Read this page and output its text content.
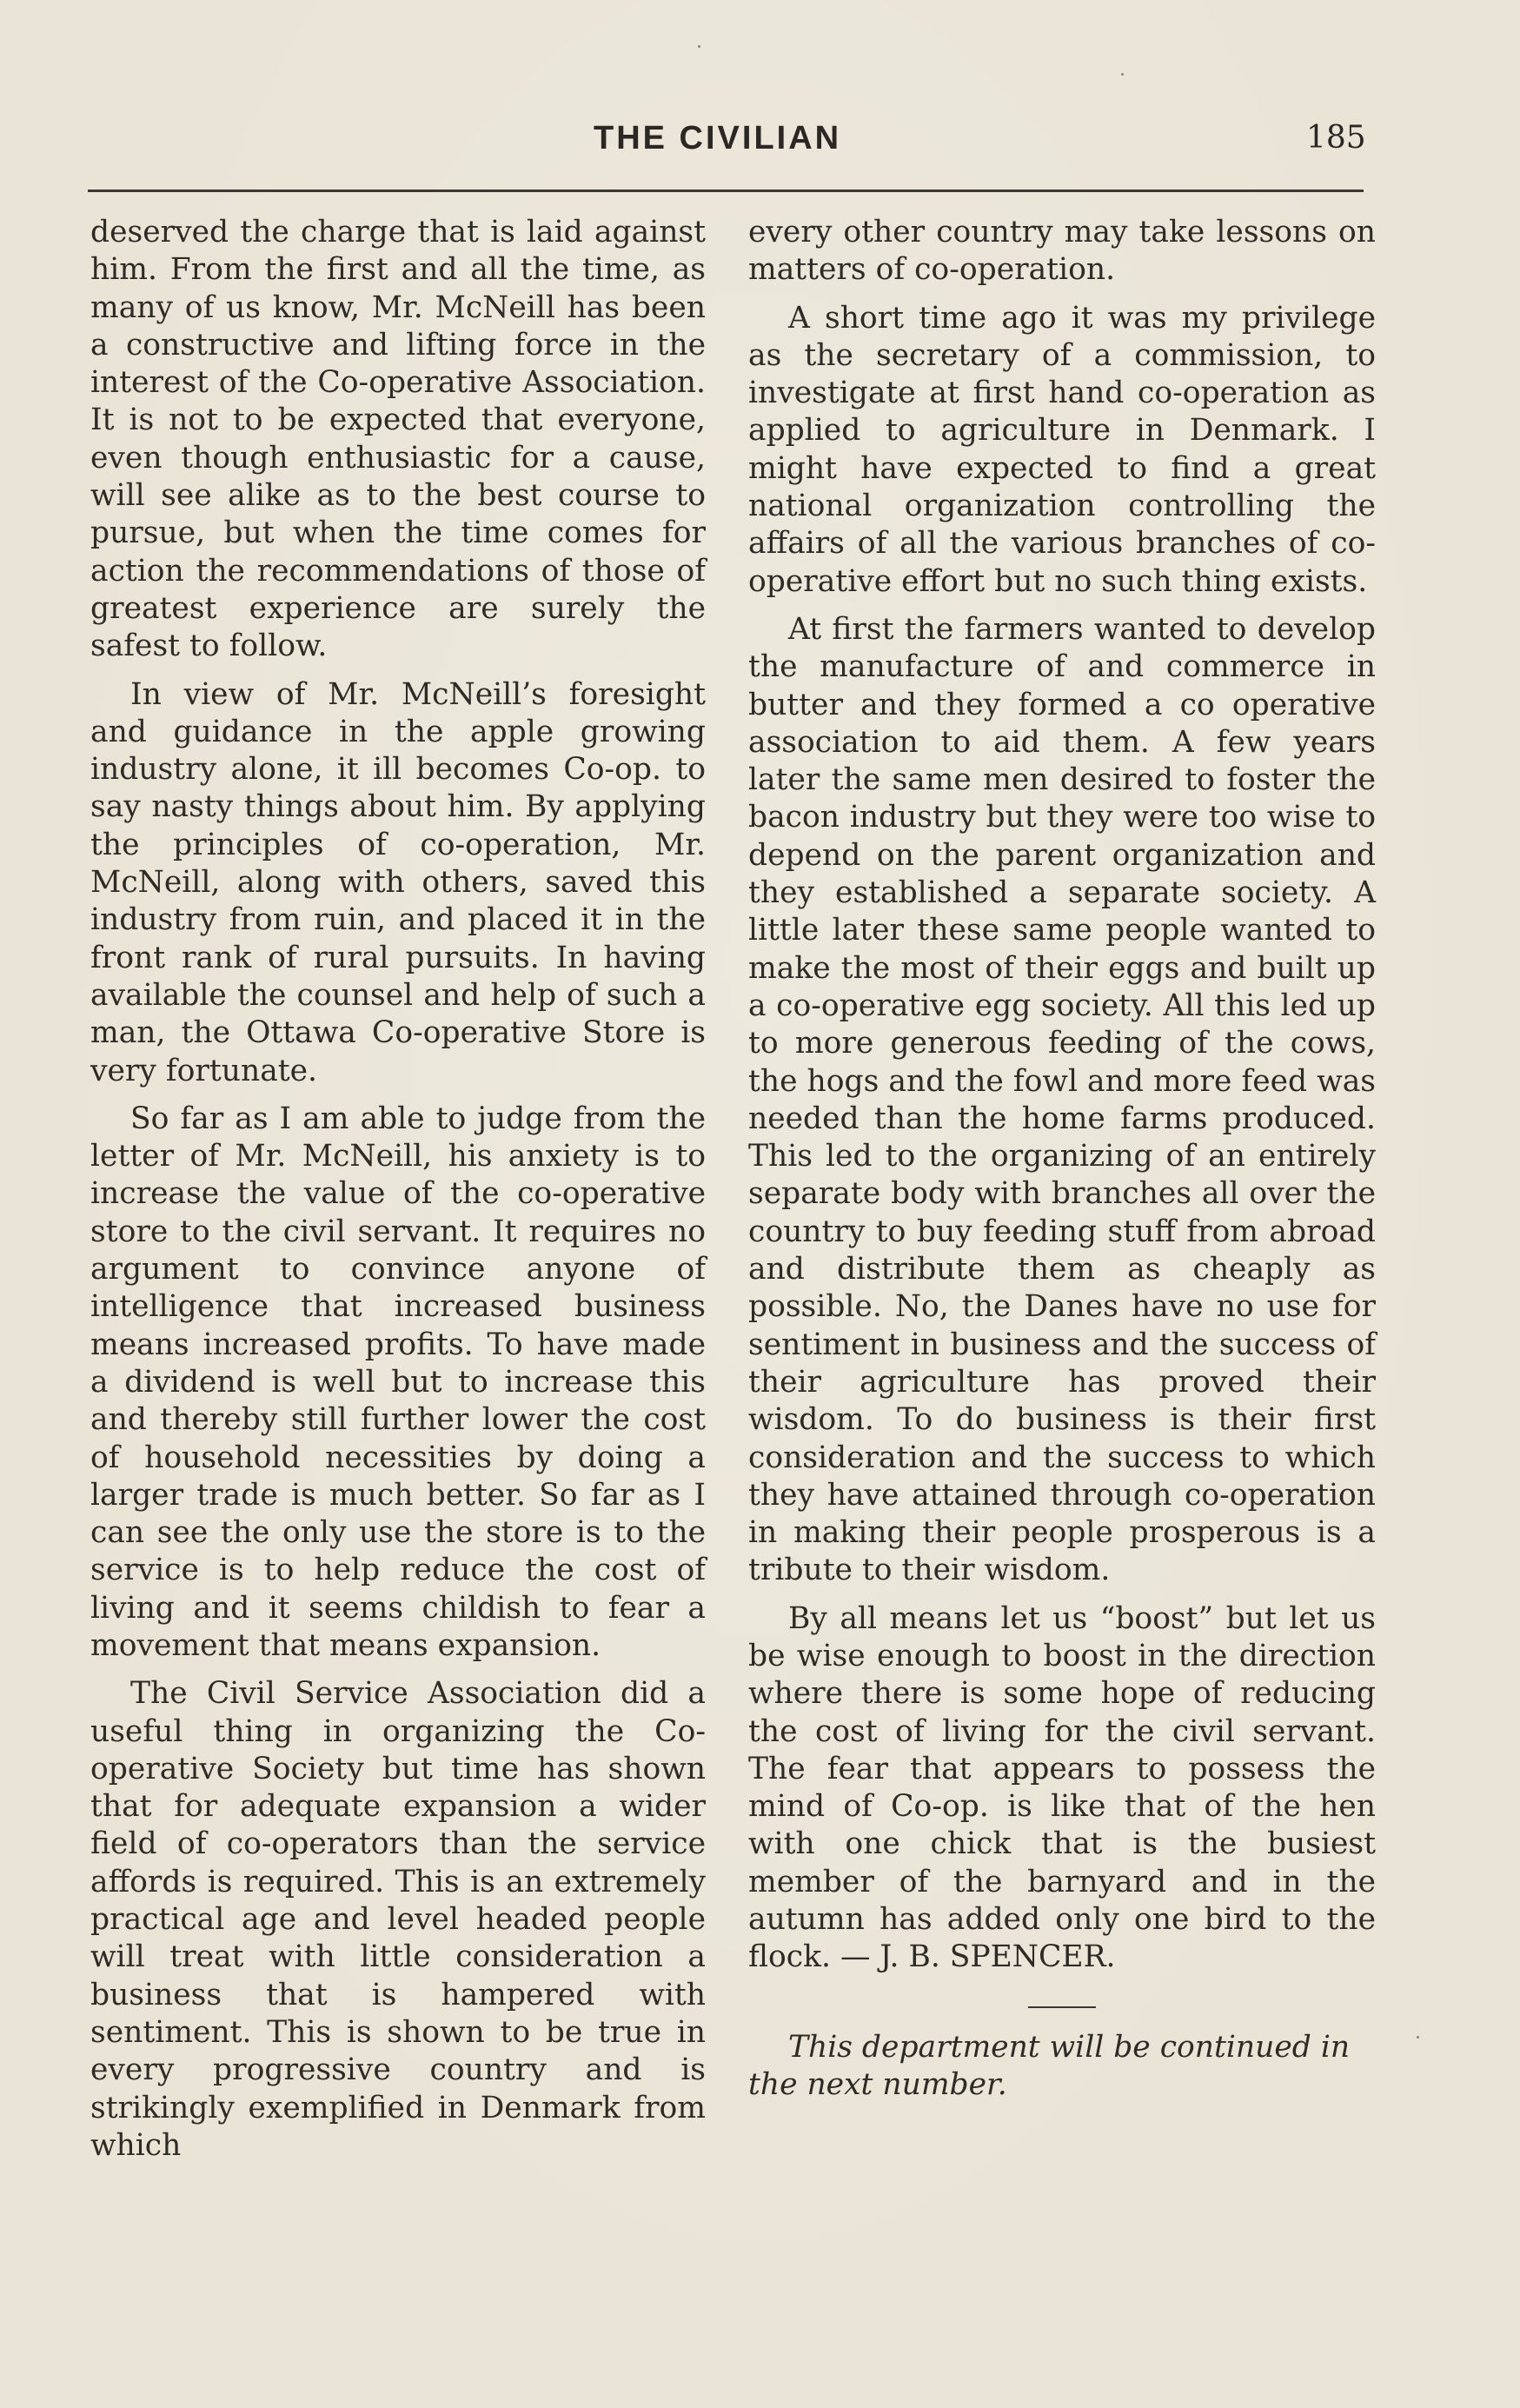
THE CIVILIAN	185

deserved the charge that is laid against him. From the first and all the time, as many of us know, Mr. McNeill has been a constructive and lifting force in the interest of the Co-operative Association. It is not to be expected that everyone, even though enthusiastic for a cause, will see alike as to the best course to pursue, but when the time comes for action the recommendations of those of greatest experience are surely the safest to follow.

In view of Mr. McNeill’s foresight and guidance in the apple growing industry alone, it ill becomes Co-op. to say nasty things about him. By applying the principles of co-operation, Mr. McNeill, along with others, saved this industry from ruin, and placed it in the front rank of rural pursuits. In having available the counsel and help of such a man, the Ottawa Co-operative Store is very fortunate.

So far as I am able to judge from the letter of Mr. McNeill, his anxiety is to increase the value of the co-operative store to the civil servant. It requires no argument to convince anyone of intelligence that increased business means increased profits. To have made a dividend is well but to increase this and thereby still further lower the cost of household necessities by doing a larger trade is much better. So far as I can see the only use the store is to the service is to help reduce the cost of living and it seems childish to fear a movement that means expansion.

The Civil Service Association did a useful thing in organizing the Co-operative Society but time has shown that for adequate expansion a wider field of co-operators than the service affords is required. This is an extremely practical age and level headed people will treat with little consideration a business that is hampered with sentiment. This is shown to be true in every progressive country and is strikingly exemplified in Denmark from which

every other country may take lessons on matters of co-operation.

A short time ago it was my privilege as the secretary of a commission, to investigate at first hand co-operation as applied to agriculture in Denmark. I might have expected to find a great national organization controlling the affairs of all the various branches of co-operative effort but no such thing exists.

At first the farmers wanted to develop the manufacture of and commerce in butter and they formed a co operative association to aid them. A few years later the same men desired to foster the bacon industry but they were too wise to depend on the parent organization and they established a separate society. A little later these same people wanted to make the most of their eggs and built up a co-operative egg society. All this led up to more generous feeding of the cows, the hogs and the fowl and more feed was needed than the home farms produced. This led to the organizing of an entirely separate body with branches all over the country to buy feeding stuff from abroad and distribute them as cheaply as possible. No, the Danes have no use for sentiment in business and the success of their agriculture has proved their wisdom. To do business is their first consideration and the success to which they have attained through co-operation in making their people prosperous is a tribute to their wisdom.

By all means let us “boost” but let us be wise enough to boost in the direction where there is some hope of reducing the cost of living for the civil servant. The fear that appears to possess the mind of Co-op. is like that of the hen with one chick that is the busiest member of the barnyard and in the autumn has added only one bird to the flock. — J. B. SPENCER.

This department will be continued in the next number.
